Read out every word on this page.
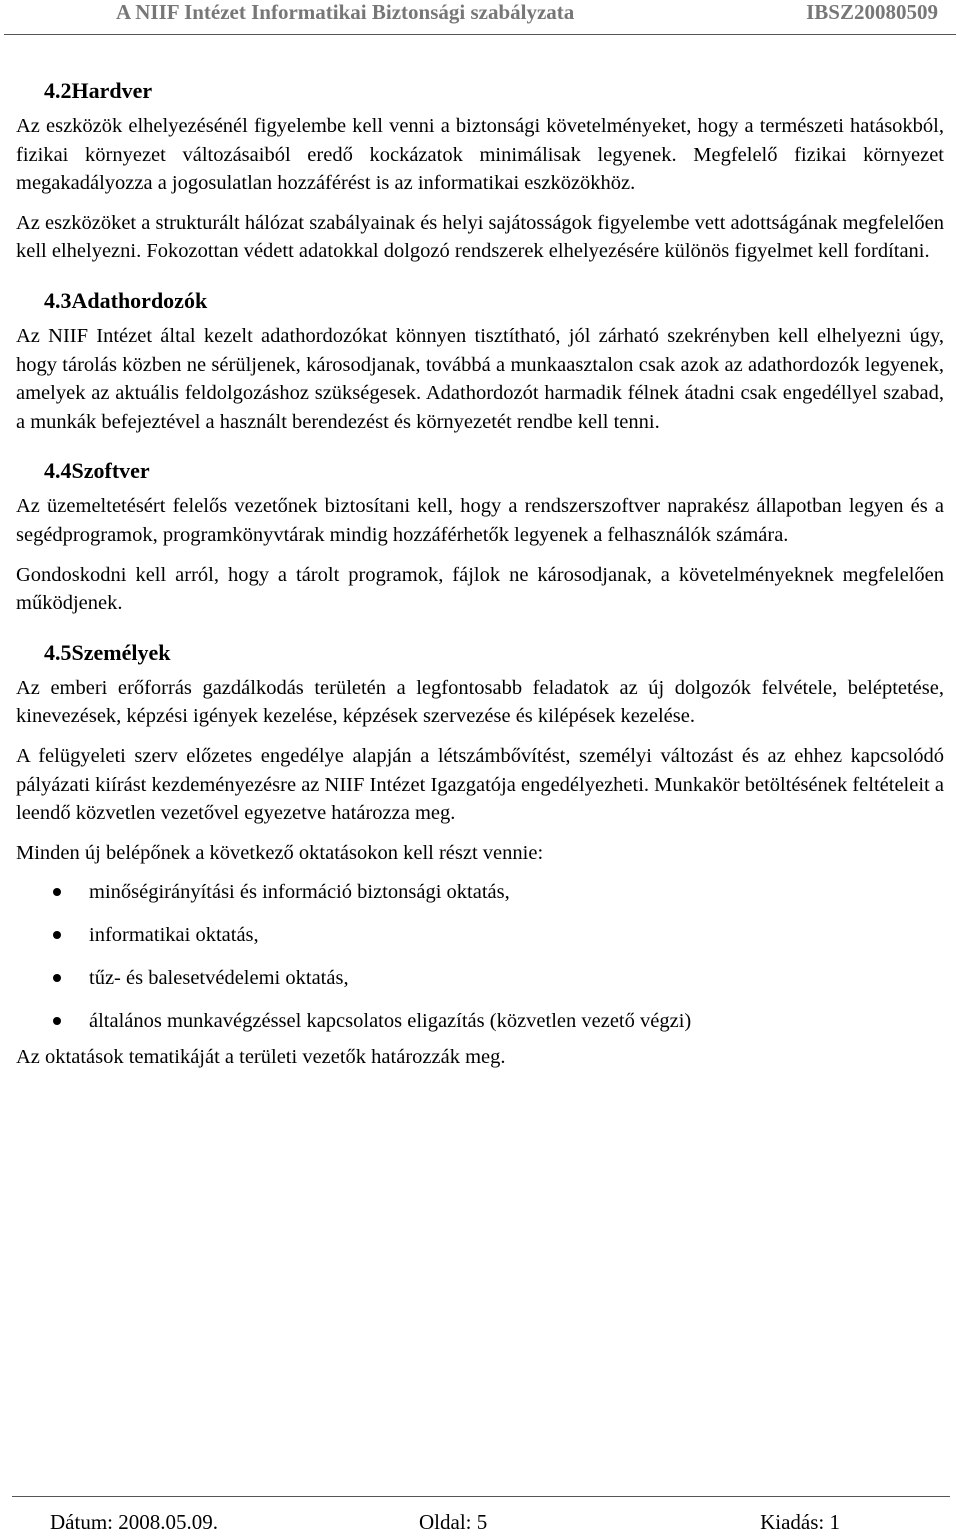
A NIIF Intézet Informatikai Biztonsági szabályzata	IBSZ20080509
4.2Hardver

Az eszközök elhelyezésénél figyelembe kell venni a biztonsági követelményeket, hogy a természeti hatásokból, fizikai környezet változásaiból eredő kockázatok minimálisak legyenek. Megfelelő fizikai környezet megakadályozza a jogosulatlan hozzáférést is az informatikai eszközökhöz.

Az eszközöket a strukturált hálózat szabályainak és helyi sajátosságok figyelembe vett adottságának megfelelően kell elhelyezni. Fokozottan védett adatokkal dolgozó rendszerek elhelyezésére különös figyelmet kell fordítani.

4.3Adathordozók

Az NIIF Intézet által kezelt adathordozókat könnyen tisztítható, jól zárható szekrényben kell elhelyezni úgy, hogy tárolás közben ne sérüljenek, károsodjanak, továbbá a munkaasztalon csak azok az adathordozók legyenek, amelyek az aktuális feldolgozáshoz szükségesek. Adathordozót harmadik félnek átadni csak engedéllyel szabad, a munkák befejeztével a használt berendezést és környezetét rendbe kell tenni.

4.4Szoftver

Az üzemeltetésért felelős vezetőnek biztosítani kell, hogy a rendszerszoftver naprakész állapotban legyen és a segédprogramok, programkönyvtárak mindig hozzáférhetők legyenek a felhasználók számára.

Gondoskodni kell arról, hogy a tárolt programok, fájlok ne károsodjanak, a követelményeknek megfelelően működjenek.

4.5Személyek

Az emberi erőforrás gazdálkodás területén a legfontosabb feladatok az új dolgozók felvétele, beléptetése, kinevezések, képzési igények kezelése, képzések szervezése és kilépések kezelése.

A felügyeleti szerv előzetes engedélye alapján a létszámbővítést, személyi változást és az ehhez kapcsolódó pályázati kiírást kezdeményezésre az NIIF Intézet Igazgatója engedélyezheti. Munkakör betöltésének feltételeit a leendő közvetlen vezetővel egyezetve határozza meg.

Minden új belépőnek a következő oktatásokon kell részt vennie:

minőségirányítási és információ biztonsági oktatás,
informatikai oktatás,
tűz- és balesetvédelemi oktatás,
általános munkavégzéssel kapcsolatos eligazítás (közvetlen vezető végzi)

Az oktatások tematikáját a területi vezetők határozzák meg.

Dátum: 2008.05.09.	Oldal: 5	Kiadás: 1
